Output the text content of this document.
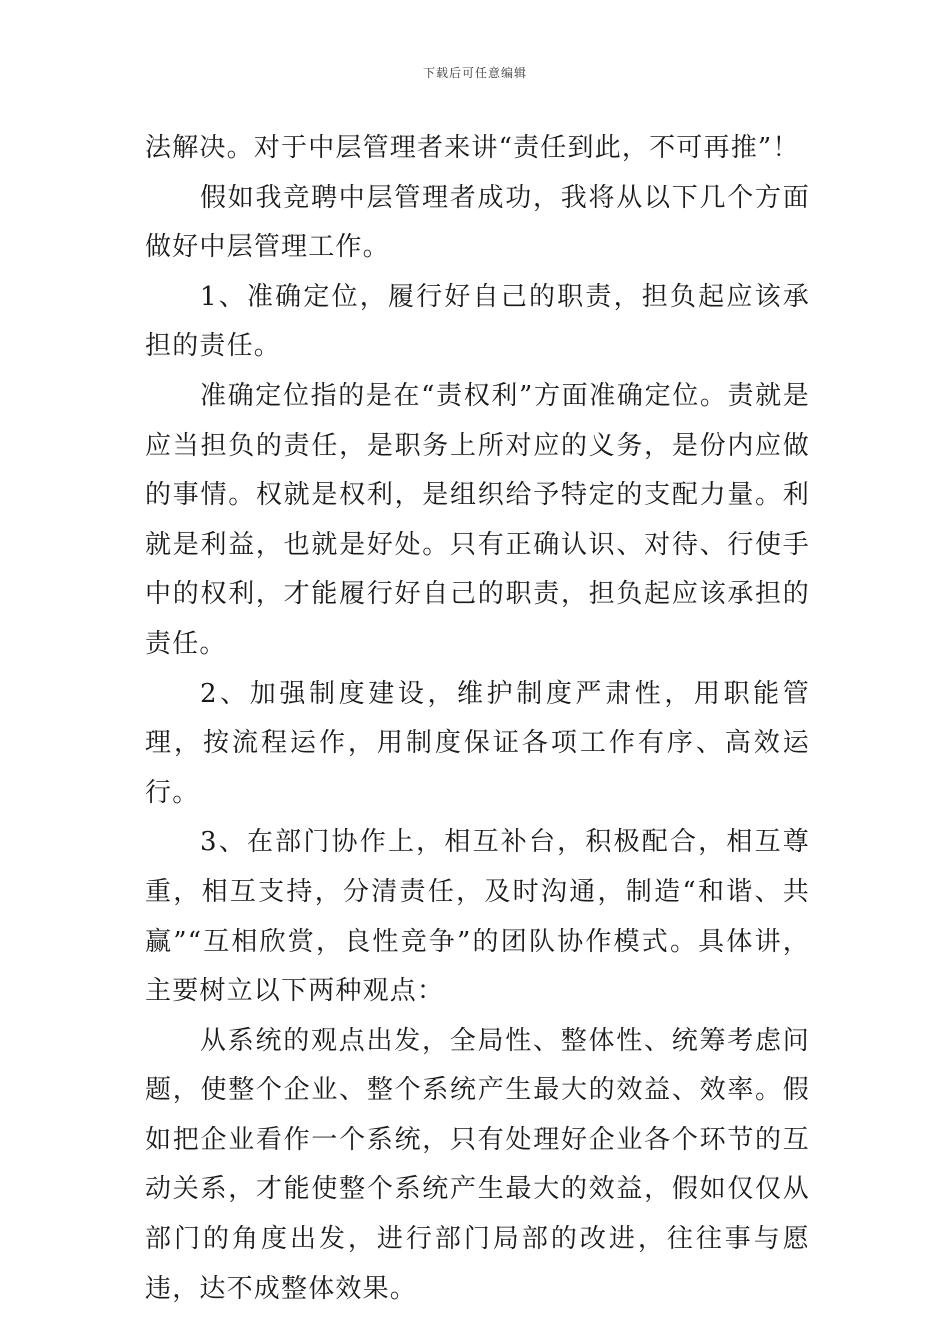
下载后可任意编辑

法解决。对于中层管理者来讲“责任到此，不可再推”！

假如我竞聘中层管理者成功，我将从以下几个方面做好中层管理工作。

1、准确定位，履行好自己的职责，担负起应该承担的责任。

准确定位指的是在“责权利”方面准确定位。责就是应当担负的责任，是职务上所对应的义务，是份内应做的事情。权就是权利，是组织给予特定的支配力量。利就是利益，也就是好处。只有正确认识、对待、行使手中的权利，才能履行好自己的职责，担负起应该承担的责任。

2、加强制度建设，维护制度严肃性，用职能管理，按流程运作，用制度保证各项工作有序、高效运行。

3、在部门协作上，相互补台，积极配合，相互尊重，相互支持，分清责任，及时沟通，制造“和谐、共赢”“互相欣赏，良性竞争”的团队协作模式。具体讲，主要树立以下两种观点：

从系统的观点出发，全局性、整体性、统筹考虑问题，使整个企业、整个系统产生最大的效益、效率。假如把企业看作一个系统，只有处理好企业各个环节的互动关系，才能使整个系统产生最大的效益，假如仅仅从部门的角度出发，进行部门局部的改进，往往事与愿违，达不成整体效果。
